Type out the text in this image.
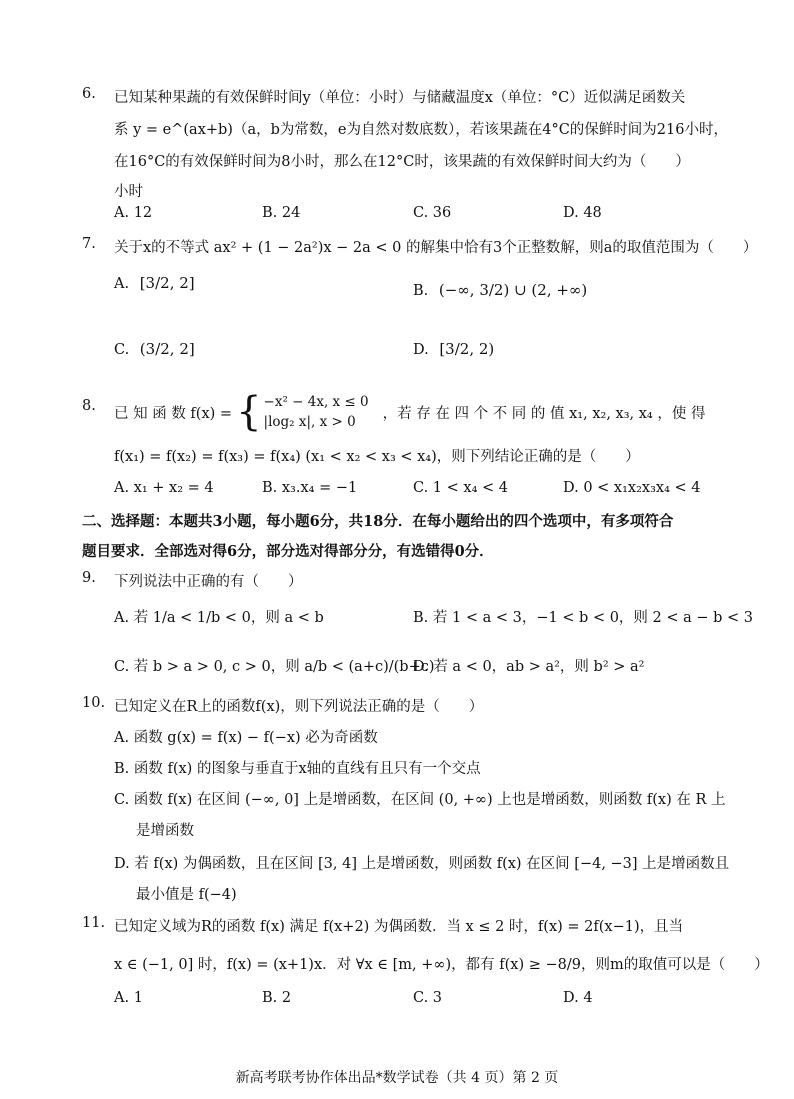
6. 已知某种果蔬的有效保鲜时间y（单位：小时）与储藏温度x（单位：°C）近似满足函数关
系 y = e^(ax+b)（a，b为常数，e为自然对数底数），若该果蔬在4°C的保鲜时间为216小时，
在16°C的有效保鲜时间为8小时，那么在12°C时，该果蔬的有效保鲜时间大约为（　　）
小时
A. 12	B. 24	C. 36	D. 48
7. 关于x的不等式 ax² + (1 − 2a²)x − 2a < 0 的解集中恰有3个正整数解，则a的取值范围为（　　）
A. [3/2, 2]	B. (−∞, 3/2) ∪ (2, +∞)
C. (3/2, 2]	D. [3/2, 2)
8. 已 知 函 数 f(x) = { −x² − 4x, x ≤ 0
|log₂ x|, x > 0
，若 存 在 四 个 不 同 的 值 x₁, x₂, x₃, x₄ ，使 得
f(x₁) = f(x₂) = f(x₃) = f(x₄) (x₁ < x₂ < x₃ < x₄)，则下列结论正确的是（　　）
A. x₁ + x₂ = 4	B. x₃.x₄ = −1	C. 1 < x₄ < 4	D. 0 < x₁x₂x₃x₄ < 4
二、选择题：本题共3小题，每小题6分，共18分．在每小题给出的四个选项中，有多项符合
题目要求．全部选对得6分，部分选对得部分分，有选错得0分．
9. 下列说法中正确的有（　　）
A. 若 1/a < 1/b < 0，则 a < b	B. 若 1 < a < 3，−1 < b < 0，则 2 < a − b < 3
C. 若 b > a > 0, c > 0，则 a/b < (a+c)/(b+c)
D. 若 a < 0，ab > a²，则 b² > a²
10. 已知定义在R上的函数f(x)，则下列说法正确的是（　　）
A. 函数 g(x) = f(x) − f(−x) 必为奇函数
B. 函数 f(x) 的图象与垂直于x轴的直线有且只有一个交点
C. 函数 f(x) 在区间 (−∞, 0] 上是增函数，在区间 (0, +∞) 上也是增函数，则函数 f(x) 在 R 上
是增函数
D. 若 f(x) 为偶函数，且在区间 [3, 4] 上是增函数，则函数 f(x) 在区间 [−4, −3] 上是增函数且
最小值是 f(−4)
11. 已知定义域为R的函数 f(x) 满足 f(x+2) 为偶函数．当 x ≤ 2 时，f(x) = 2f(x−1)，且当
x ∈ (−1, 0] 时，f(x) = (x+1)x．对 ∀x ∈ [m, +∞)，都有 f(x) ≥ −8/9，则m的取值可以是（　　）
A. 1	B. 2	C. 3	D. 4
新高考联考协作体出品*数学试卷（共 4 页）第 2 页
